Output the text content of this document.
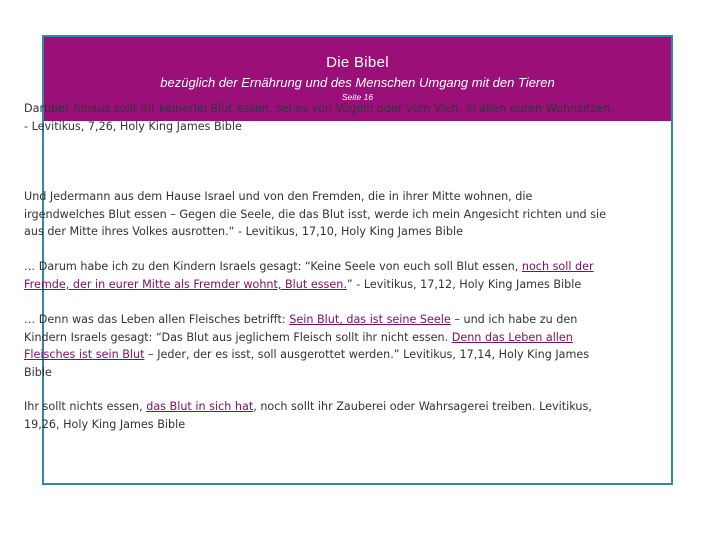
Die Bibel
bezüglich der Ernährung und des Menschen Umgang mit den Tieren
Seite 16

Darüber hinaus sollt ihr keinerlei Blut essen, sei es von Vögeln oder vom Vieh, in allen euren Wohnsitzen. - Levitikus, 7,26, Holy King James Bible

Und Jedermann aus dem Hause Israel und von den Fremden, die in ihrer Mitte wohnen, die irgendwelches Blut essen – Gegen die Seele, die das Blut isst, werde ich mein Angesicht richten und sie aus der Mitte ihres Volkes ausrotten.“ - Levitikus, 17,10, Holy King James Bible

… Darum habe ich zu den Kindern Israels gesagt: “Keine Seele von euch soll Blut essen, noch soll der Fremde, der in eurer Mitte als Fremder wohnt, Blut essen.” - Levitikus, 17,12, Holy King James Bible

… Denn was das Leben allen Fleisches betrifft: Sein Blut, das ist seine Seele – und ich habe zu den Kindern Israels gesagt: “Das Blut aus jeglichem Fleisch sollt ihr nicht essen. Denn das Leben allen Fleisches ist sein Blut – Jeder, der es isst, soll ausgerottet werden.” Levitikus, 17,14, Holy King James Bible

Ihr sollt nichts essen, das Blut in sich hat, noch sollt ihr Zauberei oder Wahrsagerei treiben. Levitikus, 19,26, Holy King James Bible
